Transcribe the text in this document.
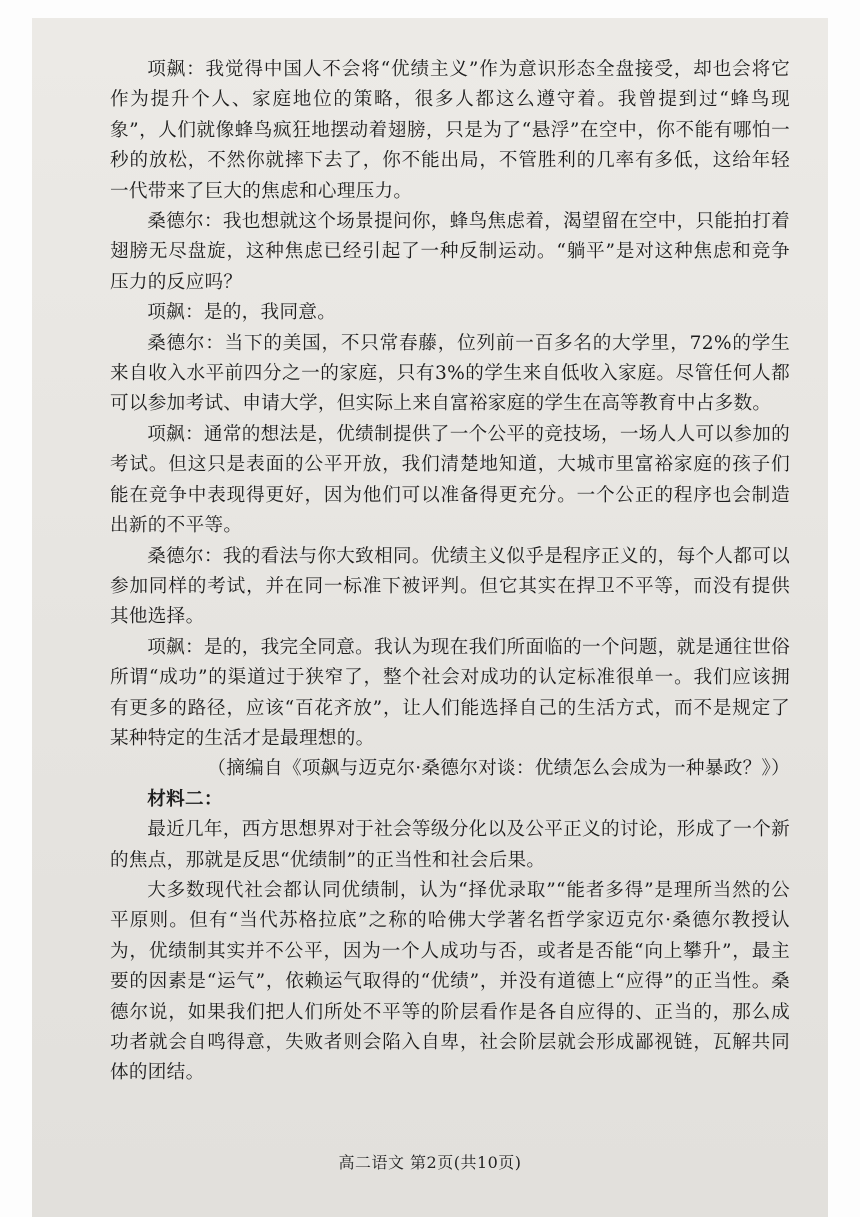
项飙：我觉得中国人不会将“优绩主义”作为意识形态全盘接受，却也会将它作为提升个人、家庭地位的策略，很多人都这么遵守着。我曾提到过“蜂鸟现象”，人们就像蜂鸟疯狂地摆动着翅膀，只是为了“悬浮”在空中，你不能有哪怕一秒的放松，不然你就摔下去了，你不能出局，不管胜利的几率有多低，这给年轻一代带来了巨大的焦虑和心理压力。

桑德尔：我也想就这个场景提问你，蜂鸟焦虑着，渴望留在空中，只能拍打着翅膀无尽盘旋，这种焦虑已经引起了一种反制运动。“躺平”是对这种焦虑和竞争压力的反应吗？

项飙：是的，我同意。

桑德尔：当下的美国，不只常春藤，位列前一百多名的大学里，72%的学生来自收入水平前四分之一的家庭，只有3%的学生来自低收入家庭。尽管任何人都可以参加考试、申请大学，但实际上来自富裕家庭的学生在高等教育中占多数。

项飙：通常的想法是，优绩制提供了一个公平的竞技场，一场人人可以参加的考试。但这只是表面的公平开放，我们清楚地知道，大城市里富裕家庭的孩子们能在竞争中表现得更好，因为他们可以准备得更充分。一个公正的程序也会制造出新的不平等。

桑德尔：我的看法与你大致相同。优绩主义似乎是程序正义的，每个人都可以参加同样的考试，并在同一标准下被评判。但它其实在捍卫不平等，而没有提供其他选择。

项飙：是的，我完全同意。我认为现在我们所面临的一个问题，就是通往世俗所谓“成功”的渠道过于狭窄了，整个社会对成功的认定标准很单一。我们应该拥有更多的路径，应该“百花齐放”，让人们能选择自己的生活方式，而不是规定了某种特定的生活才是最理想的。

（摘编自《项飙与迈克尔·桑德尔对谈：优绩怎么会成为一种暴政？》）

材料二：

最近几年，西方思想界对于社会等级分化以及公平正义的讨论，形成了一个新的焦点，那就是反思“优绩制”的正当性和社会后果。

大多数现代社会都认同优绩制，认为“择优录取”“能者多得”是理所当然的公平原则。但有“当代苏格拉底”之称的哈佛大学著名哲学家迈克尔·桑德尔教授认为，优绩制其实并不公平，因为一个人成功与否，或者是否能“向上攀升”，最主要的因素是“运气”，依赖运气取得的“优绩”，并没有道德上“应得”的正当性。桑德尔说，如果我们把人们所处不平等的阶层看作是各自应得的、正当的，那么成功者就会自鸣得意，失败者则会陷入自卑，社会阶层就会形成鄙视链，瓦解共同体的团结。

高二语文 第2页(共10页)
